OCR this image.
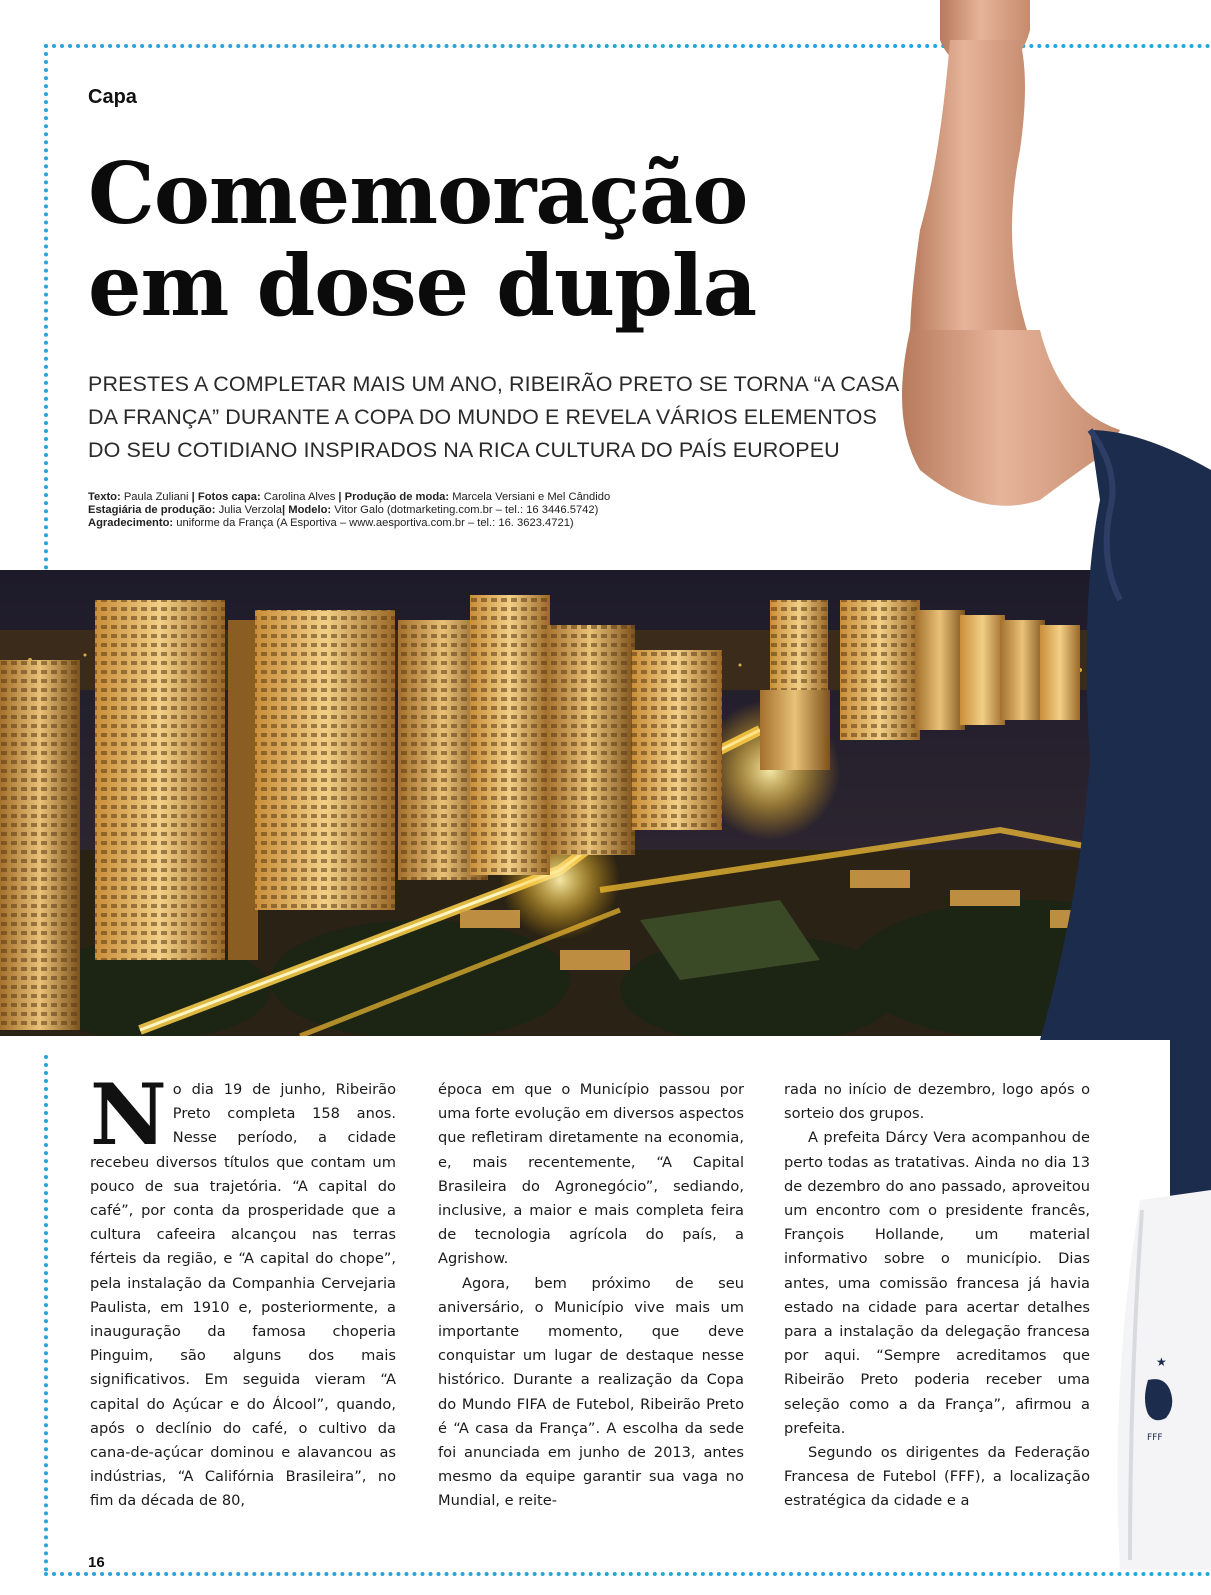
Capa
Comemoração
em dose dupla
PRESTES A COMPLETAR MAIS UM ANO, RIBEIRÃO PRETO SE TORNA “A CASA
DA FRANÇA” DURANTE A COPA DO MUNDO E REVELA VÁRIOS ELEMENTOS
DO SEU COTIDIANO INSPIRADOS NA RICA CULTURA DO PAÍS EUROPEU
Texto: Paula Zuliani | Fotos capa: Carolina Alves | Produção de moda: Marcela Versiani e Mel Cândido
Estagiária de produção: Julia Verzola| Modelo: Vitor Galo (dotmarketing.com.br – tel.: 16 3446.5742)
Agradecimento: uniforme da França (A Esportiva – www.aesportiva.com.br – tel.: 16. 3623.4721)
FFF
★

No dia 19 de junho, Ribeirão Preto completa 158 anos. Nesse período, a cidade recebeu diversos títulos que contam um pouco de sua trajetória. “A capital do café”, por conta da prosperidade que a cultura cafeeira alcançou nas terras férteis da região, e “A capital do chope”, pela instalação da Companhia Cervejaria Paulista, em 1910 e, posteriormente, a inauguração da famosa choperia Pinguim, são alguns dos mais significativos. Em seguida vieram “A capital do Açúcar e do Álcool”, quando, após o declínio do café, o cultivo da cana-de-açúcar dominou e alavancou as indústrias, “A Califórnia Brasileira”, no fim da década de 80,

época em que o Município passou por uma forte evolução em diversos aspectos que refletiram diretamente na economia, e, mais recentemente, “A Capital Brasileira do Agronegócio”, sediando, inclusive, a maior e mais completa feira de tecnologia agrícola do país, a Agrishow.

Agora, bem próximo de seu aniversário, o Município vive mais um importante momento, que deve conquistar um lugar de destaque nesse histórico. Durante a realização da Copa do Mundo FIFA de Futebol, Ribeirão Preto é “A casa da França”. A escolha da sede foi anunciada em junho de 2013, antes mesmo da equipe garantir sua vaga no Mundial, e reite-

rada no início de dezembro, logo após o sorteio dos grupos.

A prefeita Dárcy Vera acompanhou de perto todas as tratativas. Ainda no dia 13 de dezembro do ano passado, aproveitou um encontro com o presidente francês, François Hollande, um material informativo sobre o município. Dias antes, uma comissão francesa já havia estado na cidade para acertar detalhes para a instalação da delegação francesa por aqui. “Sempre acreditamos que Ribeirão Preto poderia receber uma seleção como a da França”, afirmou a prefeita.

Segundo os dirigentes da Federação Francesa de Futebol (FFF), a localização estratégica da cidade e a

16
